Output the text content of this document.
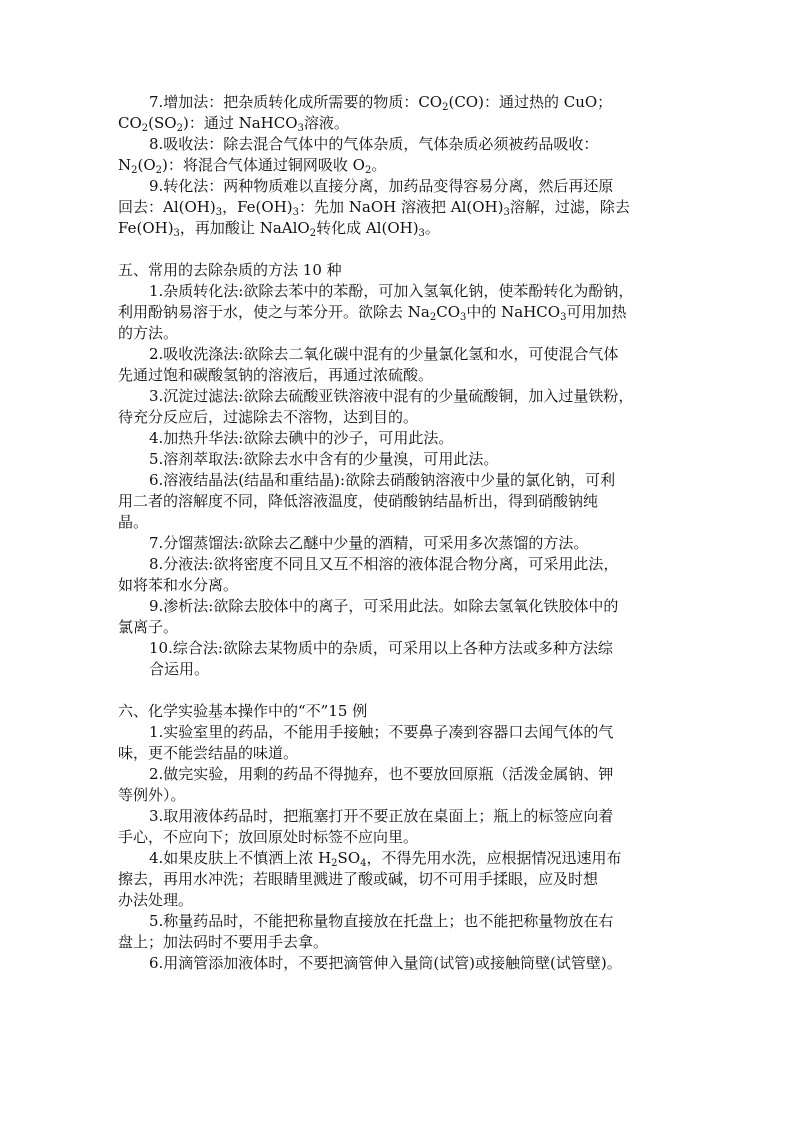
7.增加法：把杂质转化成所需要的物质：$CO_2(CO)$：通过热的 CuO；
$CO_2(SO_2)$：通过 NaHCO$_3$溶液。
8.吸收法：除去混合气体中的气体杂质，气体杂质必须被药品吸收：
$N_2(O_2)$：将混合气体通过铜网吸收 $O_2$。
9.转化法：两种物质难以直接分离，加药品变得容易分离，然后再还原
回去：$Al(OH)_3$，$Fe(OH)_3$：先加 NaOH 溶液把 $Al(OH)_3$溶解，过滤，除去
$Fe(OH)_3$，再加酸让 NaAlO$_2$转化成 $Al(OH)_3$。
五、常用的去除杂质的方法 10 种
1.杂质转化法:欲除去苯中的苯酚，可加入氢氧化钠，使苯酚转化为酚钠，
利用酚钠易溶于水，使之与苯分开。欲除去 $Na_2CO_3$中的 NaHCO$_3$可用加热
的方法。
2.吸收洗涤法:欲除去二氧化碳中混有的少量氯化氢和水，可使混合气体
先通过饱和碳酸氢钠的溶液后，再通过浓硫酸。
3.沉淀过滤法:欲除去硫酸亚铁溶液中混有的少量硫酸铜，加入过量铁粉，
待充分反应后，过滤除去不溶物，达到目的。
4.加热升华法:欲除去碘中的沙子，可用此法。
5.溶剂萃取法:欲除去水中含有的少量溴，可用此法。
6.溶液结晶法(结晶和重结晶):欲除去硝酸钠溶液中少量的氯化钠，可利
用二者的溶解度不同，降低溶液温度，使硝酸钠结晶析出，得到硝酸钠纯
晶。
7.分馏蒸馏法:欲除去乙醚中少量的酒精，可采用多次蒸馏的方法。
8.分液法:欲将密度不同且又互不相溶的液体混合物分离，可采用此法，
如将苯和水分离。
9.渗析法:欲除去胶体中的离子，可采用此法。如除去氢氧化铁胶体中的
氯离子。
10.综合法:欲除去某物质中的杂质，可采用以上各种方法或多种方法综
合运用。
六、化学实验基本操作中的“不”15 例
1.实验室里的药品，不能用手接触；不要鼻子凑到容器口去闻气体的气
味，更不能尝结晶的味道。
2.做完实验，用剩的药品不得抛弃，也不要放回原瓶（活泼金属钠、钾
等例外）。
3.取用液体药品时，把瓶塞打开不要正放在桌面上；瓶上的标签应向着
手心，不应向下；放回原处时标签不应向里。
4.如果皮肤上不慎洒上浓 $H_2SO_4$，不得先用水洗，应根据情况迅速用布
擦去，再用水冲洗；若眼睛里溅进了酸或碱，切不可用手揉眼，应及时想
办法处理。
5.称量药品时，不能把称量物直接放在托盘上；也不能把称量物放在右
盘上；加法码时不要用手去拿。
6.用滴管添加液体时，不要把滴管伸入量筒(试管)或接触筒壁(试管壁)。
